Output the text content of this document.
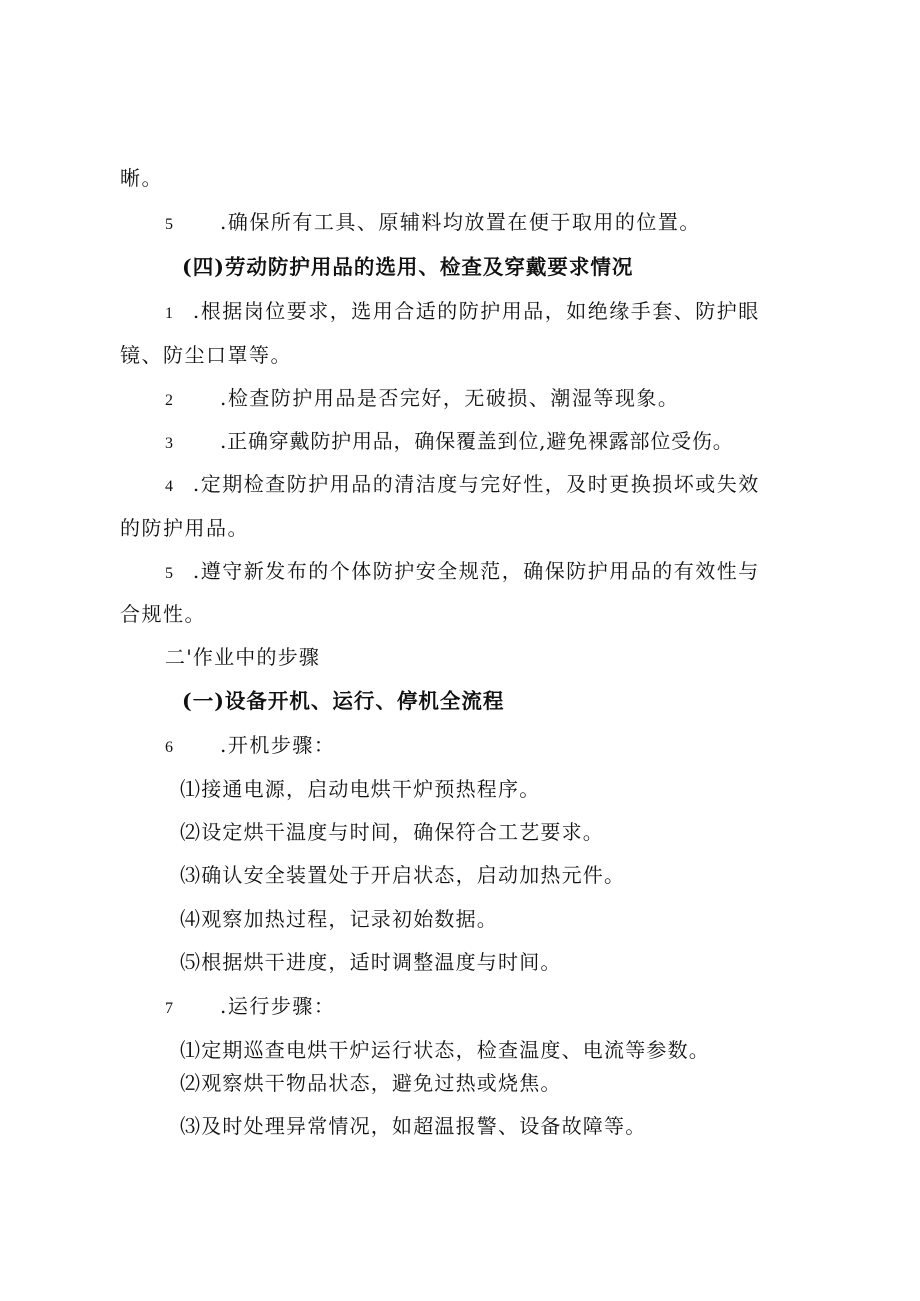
晰。
5 .确保所有工具、原辅料均放置在便于取用的位置。
(四)劳动防护用品的选用、检查及穿戴要求情况
1 .根据岗位要求，选用合适的防护用品，如绝缘手套、防护眼
镜、防尘口罩等。
2 .检查防护用品是否完好，无破损、潮湿等现象。
3 .正确穿戴防护用品，确保覆盖到位,避免裸露部位受伤。
4 .定期检查防护用品的清洁度与完好性，及时更换损坏或失效
的防护用品。
5 .遵守新发布的个体防护安全规范，确保防护用品的有效性与
合规性。
二'作业中的步骤
(一)设备开机、运行、停机全流程
6 .开机步骤：
⑴接通电源，启动电烘干炉预热程序。
⑵设定烘干温度与时间，确保符合工艺要求。
⑶确认安全装置处于开启状态，启动加热元件。
⑷观察加热过程，记录初始数据。
⑸根据烘干进度，适时调整温度与时间。
7 .运行步骤：
⑴定期巡查电烘干炉运行状态，检查温度、电流等参数。
⑵观察烘干物品状态，避免过热或烧焦。
⑶及时处理异常情况，如超温报警、设备故障等。
